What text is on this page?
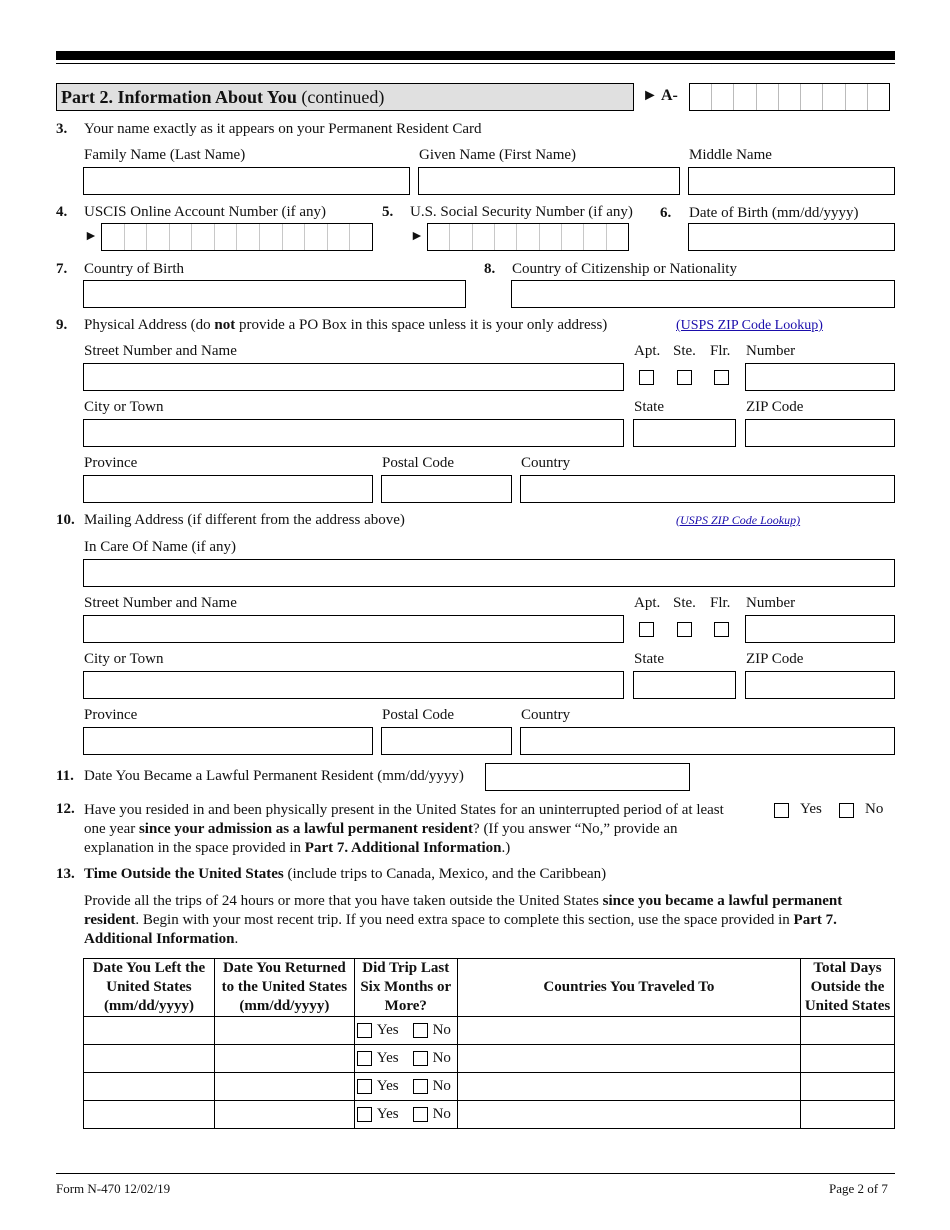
Part 2. Information About You (continued)	► A-
3. Your name exactly as it appears on your Permanent Resident Card
Family Name (Last Name)	Given Name (First Name)	Middle Name
4. USCIS Online Account Number (if any)
►
5. U.S. Social Security Number (if any)
►
6. Date of Birth (mm/dd/yyyy)
7. Country of Birth	8. Country of Citizenship or Nationality
9. Physical Address (do not provide a PO Box in this space unless it is your only address)	(USPS ZIP Code Lookup)
Street Number and Name	Apt. Ste. Flr. Number
City or Town	State	ZIP Code
Province	Postal Code	Country
10. Mailing Address (if different from the address above)	(USPS ZIP Code Lookup)
In Care Of Name (if any)
Street Number and Name	Apt. Ste. Flr. Number
City or Town	State	ZIP Code
Province	Postal Code	Country
11. Date You Became a Lawful Permanent Resident (mm/dd/yyyy)
12. Have you resided in and been physically present in the United States for an uninterrupted period of at least
one year since your admission as a lawful permanent resident? (If you answer “No,” provide an
explanation in the space provided in Part 7. Additional Information.)
Yes	No
13. Time Outside the United States (include trips to Canada, Mexico, and the Caribbean)
Provide all the trips of 24 hours or more that you have taken outside the United States since you became a lawful permanent
resident. Begin with your most recent trip. If you need extra space to complete this section, use the space provided in Part 7.
Additional Information.
Date You Left the United States (mm/dd/yyyy)	Date You Returned to the United States (mm/dd/yyyy)	Did Trip Last Six Months or More?	Countries You Traveled To	Total Days Outside the United States

		Yes No		

		Yes No		

		Yes No		

		Yes No		

Form N-470 12/02/19	Page 2 of 7
